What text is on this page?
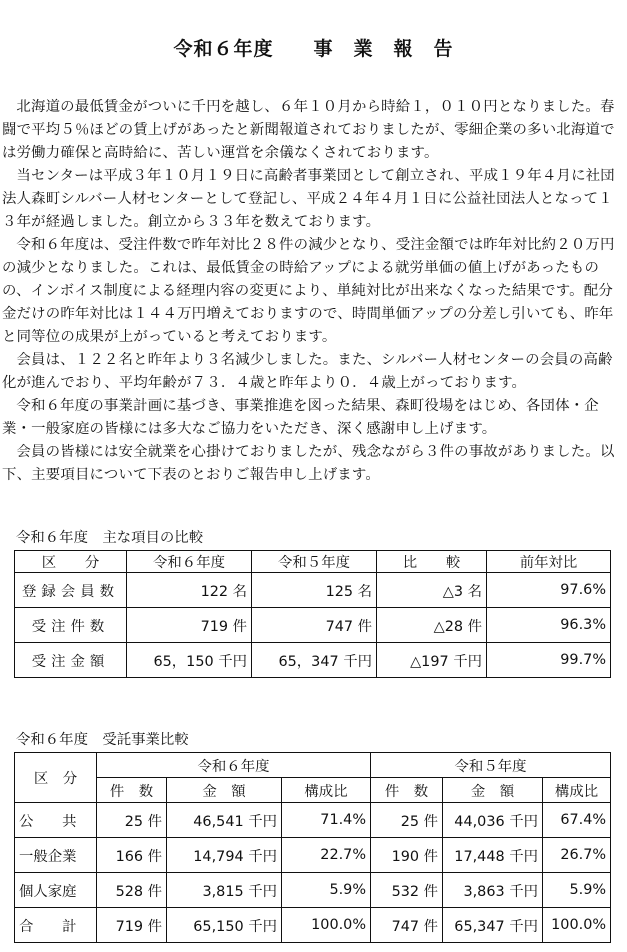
令和６年度　　事　業　報　告

北海道の最低賃金がついに千円を越し、６年１０月から時給１，０１０円となりました。春闘で平均５％ほどの賃上げがあったと新聞報道されておりましたが、零細企業の多い北海道では労働力確保と高時給に、苦しい運営を余儀なくされております。

当センターは平成３年１０月１９日に高齢者事業団として創立され、平成１９年４月に社団法人森町シルバー人材センターとして登記し、平成２４年４月１日に公益社団法人となって１３年が経過しました。創立から３３年を数えております。

令和６年度は、受注件数で昨年対比２８件の減少となり、受注金額では昨年対比約２０万円の減少となりました。これは、最低賃金の時給アップによる就労単価の値上げがあったものの、インボイス制度による経理内容の変更により、単純対比が出来なくなった結果です。配分金だけの昨年対比は１４４万円増えておりますので、時間単価アップの分差し引いても、昨年と同等位の成果が上がっていると考えております。

会員は、１２２名と昨年より３名減少しました。また、シルバー人材センターの会員の高齢化が進んでおり、平均年齢が７３．４歳と昨年より０．４歳上がっております。

令和６年度の事業計画に基づき、事業推進を図った結果、森町役場をはじめ、各団体・企業・一般家庭の皆様には多大なご協力をいただき、深く感謝申し上げます。

会員の皆様には安全就業を心掛けておりましたが、残念ながら３件の事故がありました。以下、主要項目について下表のとおりご報告申し上げます。

令和６年度　主な項目の比較
区　　分	令和６年度	令和５年度	比　　較	前年対比
登録会員数	122 名	125 名	△3 名	97.6%
受注件数	719 件	747 件	△28 件	96.3%
受注金額	65，150 千円	65，347 千円	△197 千円	99.7%
令和６年度　受託事業比較
区　分	令和６年度			令和５年度		
	件　数	金　額	構成比	件　数	金　額	構成比
公　　共	25 件	46,541 千円	71.4%	25 件	44,036 千円	67.4%
一般企業	166 件	14,794 千円	22.7%	190 件	17,448 千円	26.7%
個人家庭	528 件	3,815 千円	5.9%	532 件	3,863 千円	5.9%
合　　計	719 件	65,150 千円	100.0%	747 件	65,347 千円	100.0%
